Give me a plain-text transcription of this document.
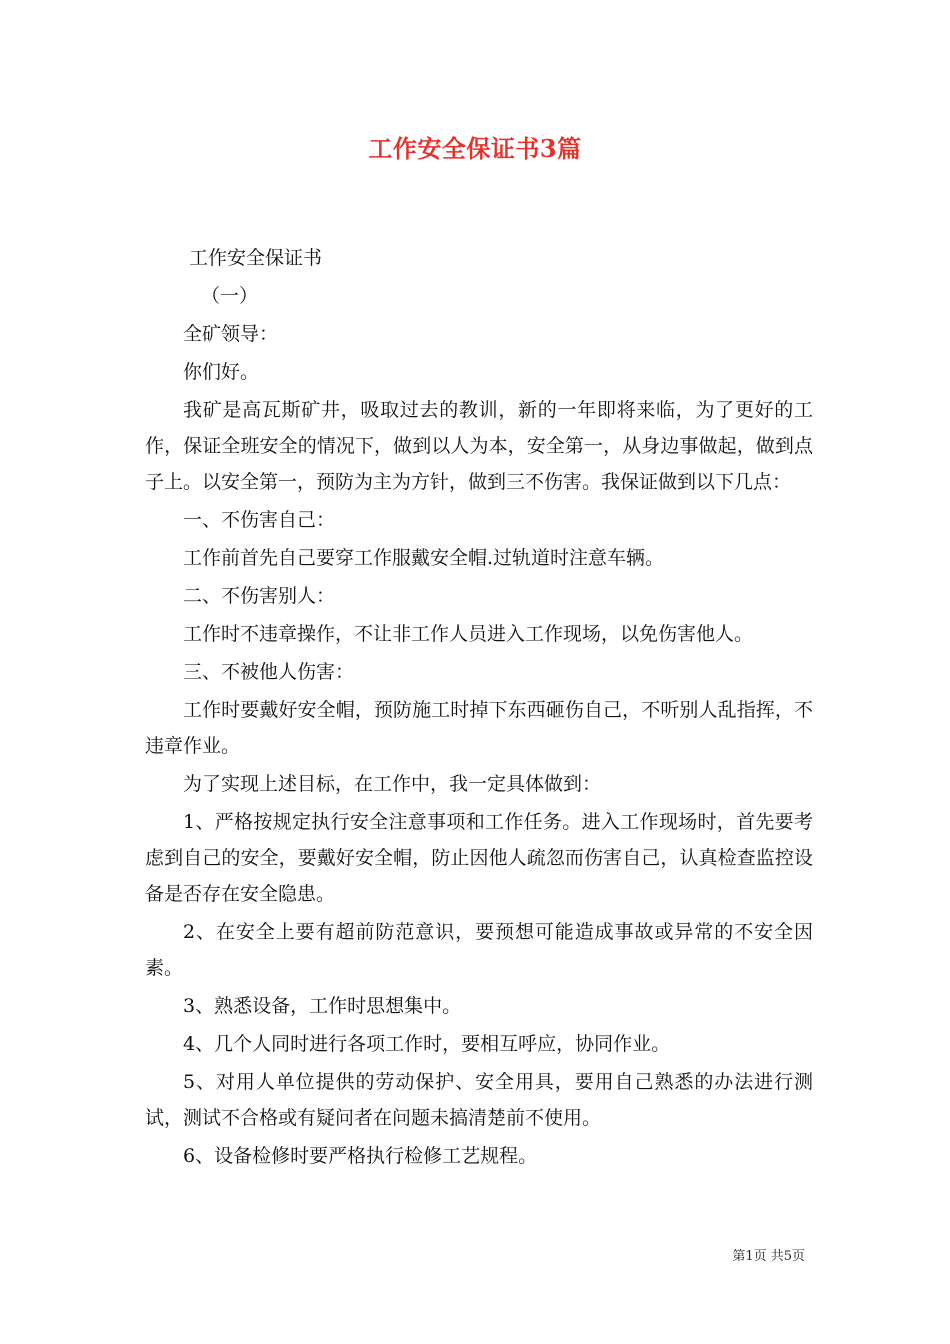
工作安全保证书3篇

工作安全保证书

（一）

全矿领导：

你们好。

我矿是高瓦斯矿井，吸取过去的教训，新的一年即将来临，为了更好的工作，保证全班安全的情况下，做到以人为本，安全第一，从身边事做起，做到点子上。以安全第一，预防为主为方针，做到三不伤害。我保证做到以下几点：

一、不伤害自己：

工作前首先自己要穿工作服戴安全帽.过轨道时注意车辆。

二、不伤害别人：

工作时不违章操作，不让非工作人员进入工作现场，以免伤害他人。

三、不被他人伤害：

工作时要戴好安全帽，预防施工时掉下东西砸伤自己，不听别人乱指挥，不违章作业。

为了实现上述目标，在工作中，我一定具体做到：

1、严格按规定执行安全注意事项和工作任务。进入工作现场时，首先要考虑到自己的安全，要戴好安全帽，防止因他人疏忽而伤害自己，认真检查监控设备是否存在安全隐患。

2、在安全上要有超前防范意识，要预想可能造成事故或异常的不安全因素。

3、熟悉设备，工作时思想集中。

4、几个人同时进行各项工作时，要相互呼应，协同作业。

5、对用人单位提供的劳动保护、安全用具，要用自己熟悉的办法进行测试，测试不合格或有疑问者在问题未搞清楚前不使用。

6、设备检修时要严格执行检修工艺规程。

第1页 共5页
